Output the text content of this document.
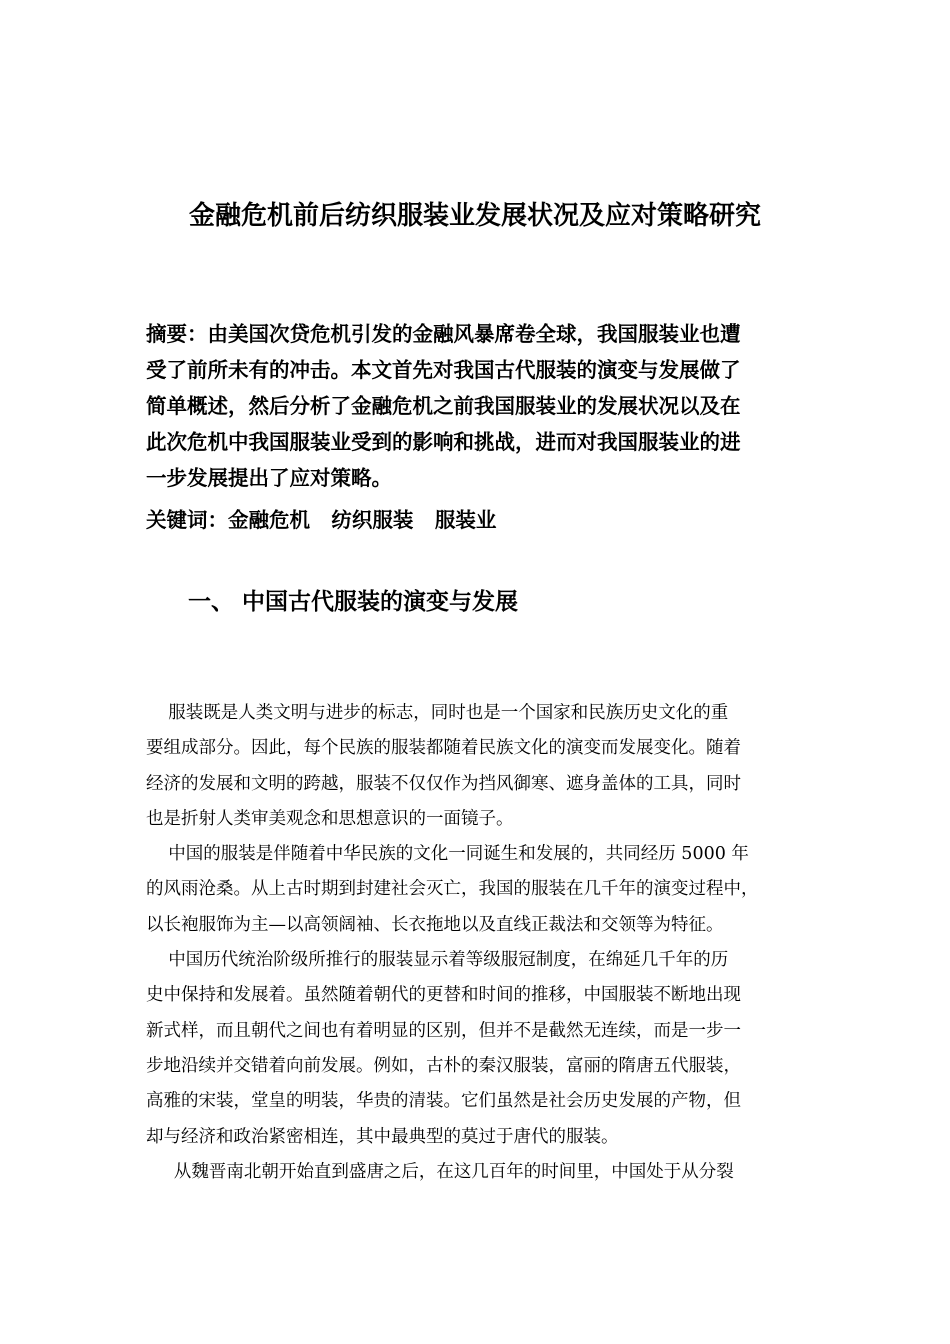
金融危机前后纺织服装业发展状况及应对策略研究
摘要：由美国次贷危机引发的金融风暴席卷全球，我国服装业也遭
受了前所未有的冲击。本文首先对我国古代服装的演变与发展做了
简单概述，然后分析了金融危机之前我国服装业的发展状况以及在
此次危机中我国服装业受到的影响和挑战，进而对我国服装业的进
一步发展提出了应对策略。
关键词：金融危机 纺织服装 服装业
一、 中国古代服装的演变与发展
服装既是人类文明与进步的标志，同时也是一个国家和民族历史文化的重
要组成部分。因此，每个民族的服装都随着民族文化的演变而发展变化。随着
经济的发展和文明的跨越，服装不仅仅作为挡风御寒、遮身盖体的工具，同时
也是折射人类审美观念和思想意识的一面镜子。
中国的服装是伴随着中华民族的文化一同诞生和发展的，共同经历 5000 年
的风雨沧桑。从上古时期到封建社会灭亡，我国的服装在几千年的演变过程中，
以长袍服饰为主—以高领阔袖、长衣拖地以及直线正裁法和交领等为特征。
中国历代统治阶级所推行的服装显示着等级服冠制度，在绵延几千年的历
史中保持和发展着。虽然随着朝代的更替和时间的推移，中国服装不断地出现
新式样，而且朝代之间也有着明显的区别，但并不是截然无连续，而是一步一
步地沿续并交错着向前发展。例如，古朴的秦汉服装，富丽的隋唐五代服装，
高雅的宋装，堂皇的明装，华贵的清装。它们虽然是社会历史发展的产物，但
却与经济和政治紧密相连，其中最典型的莫过于唐代的服装。
从魏晋南北朝开始直到盛唐之后，在这几百年的时间里，中国处于从分裂
